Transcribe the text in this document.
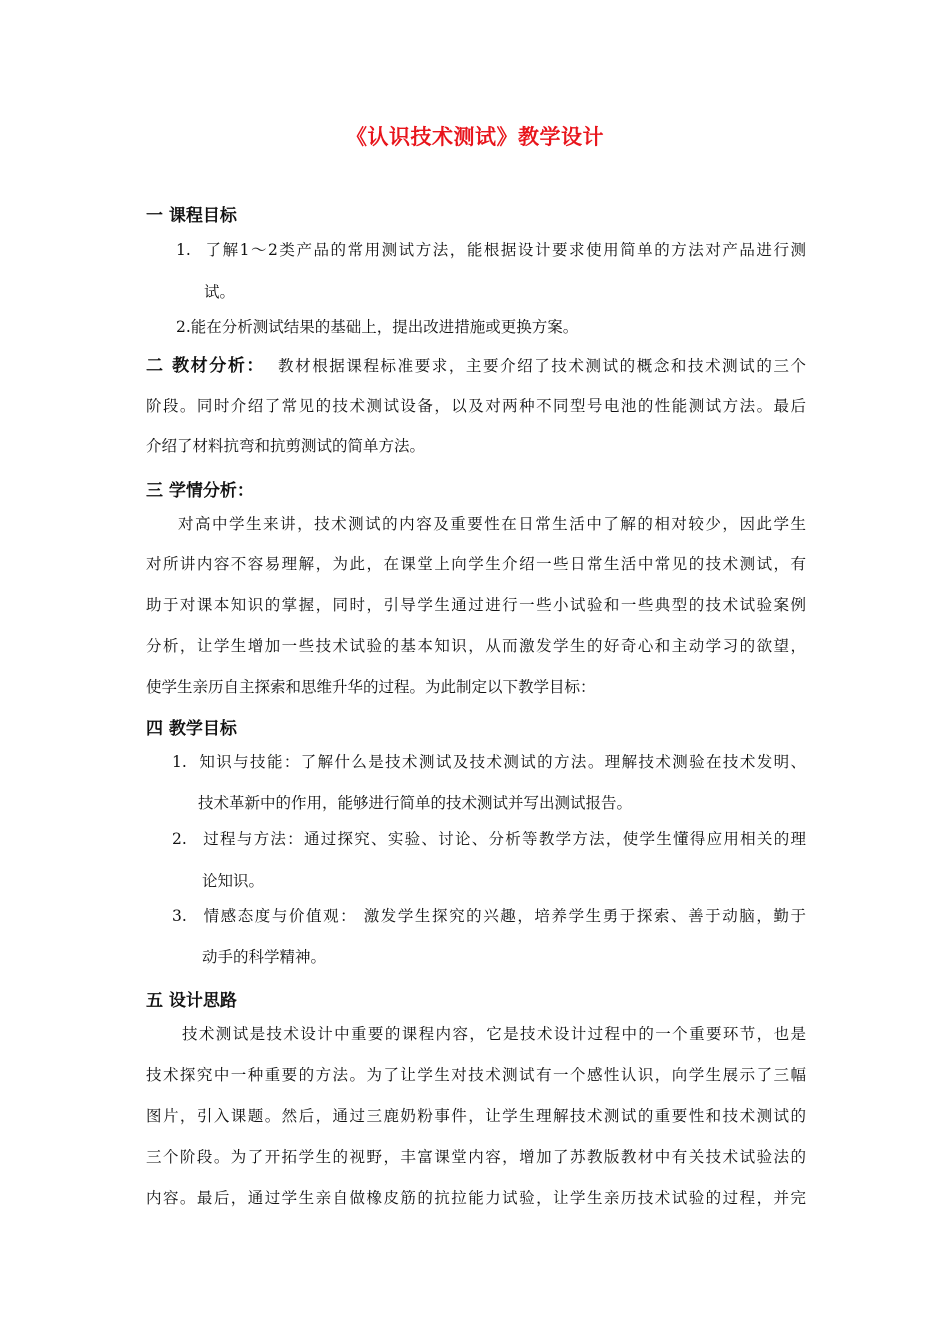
《认识技术测试》教学设计
一 课程目标
1. 了解1～2类产品的常用测试方法，能根据设计要求使用简单的方法对产品进行测
试。
2.能在分析测试结果的基础上，提出改进措施或更换方案。
二 教材分析： 教材根据课程标准要求，主要介绍了技术测试的概念和技术测试的三个
阶段。同时介绍了常见的技术测试设备，以及对两种不同型号电池的性能测试方法。最后
介绍了材料抗弯和抗剪测试的简单方法。
三 学情分析：
对高中学生来讲，技术测试的内容及重要性在日常生活中了解的相对较少，因此学生
对所讲内容不容易理解，为此，在课堂上向学生介绍一些日常生活中常见的技术测试，有
助于对课本知识的掌握，同时，引导学生通过进行一些小试验和一些典型的技术试验案例
分析，让学生增加一些技术试验的基本知识，从而激发学生的好奇心和主动学习的欲望，
使学生亲历自主探索和思维升华的过程。为此制定以下教学目标：
四 教学目标
1. 知识与技能：了解什么是技术测试及技术测试的方法。理解技术测验在技术发明、
技术革新中的作用，能够进行简单的技术测试并写出测试报告。
2. 过程与方法：通过探究、实验、讨论、分析等教学方法，使学生懂得应用相关的理
论知识。
3. 情感态度与价值观： 激发学生探究的兴趣，培养学生勇于探索、善于动脑，勤于
动手的科学精神。
五 设计思路
技术测试是技术设计中重要的课程内容，它是技术设计过程中的一个重要环节，也是
技术探究中一种重要的方法。为了让学生对技术测试有一个感性认识，向学生展示了三幅
图片，引入课题。然后，通过三鹿奶粉事件，让学生理解技术测试的重要性和技术测试的
三个阶段。为了开拓学生的视野，丰富课堂内容，增加了苏教版教材中有关技术试验法的
内容。最后，通过学生亲自做橡皮筋的抗拉能力试验，让学生亲历技术试验的过程，并完
